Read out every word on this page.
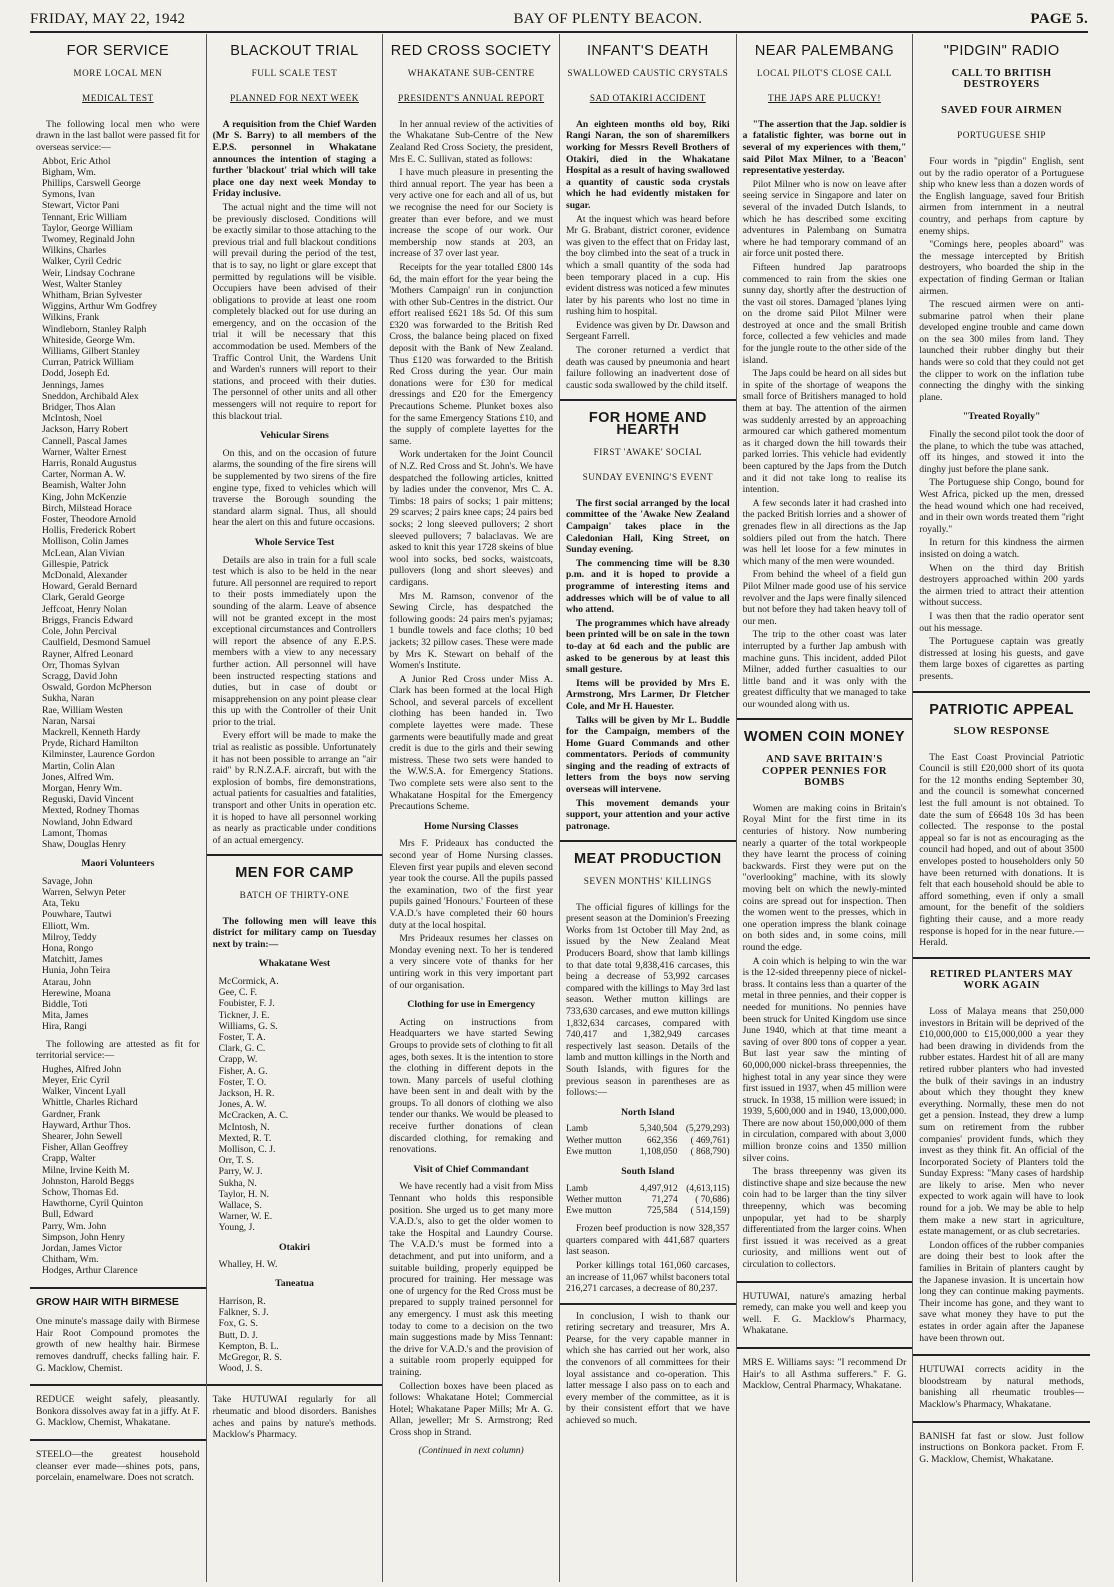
FRIDAY, MAY 22, 1942	BAY OF PLENTY BEACON.	PAGE 5.
FOR SERVICE
MORE LOCAL MEN
MEDICAL TEST

The following local men who were drawn in the last ballot were passed fit for overseas service:—

Abbot, Eric Athol
Bigham, Wm.
Phillips, Carswell George
Symons, Ivan
Stewart, Victor Pani
Tennant, Eric William
Taylor, George William
Twomey, Reginald John
Wilkins, Charles
Walker, Cyril Cedric
Weir, Lindsay Cochrane
West, Walter Stanley
Whitham, Brian Sylvester
Wiggins, Arthur Wm Godfrey
Wilkins, Frank
Windleborn, Stanley Ralph
Whiteside, George Wm.
Williams, Gilbert Stanley
Curran, Patrick William
Dodd, Joseph Ed.
Jennings, James
Sneddon, Archibald Alex
Bridger, Thos Alan
McIntosh, Noel
Jackson, Harry Robert
Cannell, Pascal James
Warner, Walter Ernest
Harris, Ronald Augustus
Carter, Norman A. W.
Beamish, Walter John
King, John McKenzie
Birch, Milstead Horace
Foster, Theodore Arnold
Hollis, Frederick Robert
Mollison, Colin James
McLean, Alan Vivian
Gillespie, Patrick
McDonald, Alexander
Howard, Gerald Bernard
Clark, Gerald George
Jeffcoat, Henry Nolan
Briggs, Francis Edward
Cole, John Percival
Caulfield, Desmond Samuel
Rayner, Alfred Leonard
Orr, Thomas Sylvan
Scragg, David John
Oswald, Gordon McPherson
Sukha, Naran
Rae, William Westen
Naran, Narsai
Mackrell, Kenneth Hardy
Pryde, Richard Hamilton
Kilminster, Laurence Gordon
Martin, Colin Alan
Jones, Alfred Wm.
Morgan, Henry Wm.
Reguski, David Vincent
Mexted, Rodney Thomas
Nowland, John Edward
Lamont, Thomas
Shaw, Douglas Henry
Maori Volunteers
Savage, John
Warren, Selwyn Peter
Ata, Teku
Pouwhare, Tautwi
Elliott, Wm.
Milroy, Teddy
Hona, Rongo
Matchitt, James
Hunia, John Teira
Atarau, John
Herewine, Moana
Biddle, Toti
Mita, James
Hira, Rangi

The following are attested as fit for territorial service:—

Hughes, Alfred John
Meyer, Eric Cyril
Walker, Vincent Lyall
Whittle, Charles Richard
Gardner, Frank
Hayward, Arthur Thos.
Shearer, John Sewell
Fisher, Allan Geoffrey
Crapp, Walter
Milne, Irvine Keith M.
Johnston, Harold Beggs
Schow, Thomas Ed.
Hawthorne, Cyril Quinton
Bull, Edward
Parry, Wm. John
Simpson, John Henry
Jordan, James Victor
Chitham, Wm.
Hodges, Arthur Clarence
GROW HAIR WITH BIRMESE

One minute's massage daily with Birmese Hair Root Compound promotes the growth of new healthy hair. Birmese removes dandruff, checks falling hair. F. G. Macklow, Chemist.

REDUCE weight safely, pleasantly. Bonkora dissolves away fat in a jiffy. At F. G. Macklow, Chemist, Whakatane.

STEELO—the greatest household cleanser ever made—shines pots, pans, porcelain, enamelware. Does not scratch.

BLACKOUT TRIAL
FULL SCALE TEST
PLANNED FOR NEXT WEEK

A requisition from the Chief Warden (Mr S. Barry) to all members of the E.P.S. personnel in Whakatane announces the intention of staging a further 'blackout' trial which will take place one day next week Monday to Friday inclusive.

The actual night and the time will not be previously disclosed. Conditions will be exactly similar to those attaching to the previous trial and full blackout conditions will prevail during the period of the test, that is to say, no light or glare except that permitted by regulations will be visible. Occupiers have been advised of their obligations to provide at least one room completely blacked out for use during an emergency, and on the occasion of the trial it will be necessary that this accommodation be used. Members of the Traffic Control Unit, the Wardens Unit and Warden's runners will report to their stations, and proceed with their duties. The personnel of other units and all other messengers will not require to report for this blackout trial.

Vehicular Sirens

On this, and on the occasion of future alarms, the sounding of the fire sirens will be supplemented by two sirens of the fire engine type, fixed to vehicles which will traverse the Borough sounding the standard alarm signal. Thus, all should hear the alert on this and future occasions.

Whole Service Test

Details are also in train for a full scale test which is also to be held in the near future. All personnel are required to report to their posts immediately upon the sounding of the alarm. Leave of absence will not be granted except in the most exceptional circumstances and Controllers will report the absence of any E.P.S. members with a view to any necessary further action. All personnel will have been instructed respecting stations and duties, but in case of doubt or misapprehension on any point please clear this up with the Controller of their Unit prior to the trial.

Every effort will be made to make the trial as realistic as possible. Unfortunately it has not been possible to arrange an "air raid" by R.N.Z.A.F. aircraft, but with the explosion of bombs, fire demonstrations, actual patients for casualties and fatalities, transport and other Units in operation etc. it is hoped to have all personnel working as nearly as practicable under conditions of an actual emergency.

MEN FOR CAMP
BATCH OF THIRTY-ONE

The following men will leave this district for military camp on Tuesday next by train:—

Whakatane West
McCormick, A.
Gee, C. F.
Foubister, F. J.
Tickner, J. E.
Williams, G. S.
Foster, T. A.
Clark, G. C.
Crapp, W.
Fisher, A. G.
Foster, T. O.
Jackson, H. R.
Jones, A. W.
McCracken, A. C.
McIntosh, N.
Mexted, R. T.
Mollison, C. J.
Orr, T. S.
Parry, W. J.
Sukha, N.
Taylor, H. N.
Wallace, S.
Warner, W. E.
Young, J.
Otakiri
Whalley, H. W.
Taneatua
Harrison, R.
Falkner, S. J.
Fox, G. S.
Butt, D. J.
Kempton, B. L.
McGregor, R. S.
Wood, J. S.

Take HUTUWAI regularly for all rheumatic and blood disorders. Banishes aches and pains by nature's methods. Macklow's Pharmacy.

RED CROSS SOCIETY
WHAKATANE SUB-CENTRE
PRESIDENT'S ANNUAL REPORT

In her annual review of the activities of the Whakatane Sub-Centre of the New Zealand Red Cross Society, the president, Mrs E. C. Sullivan, stated as follows:

I have much pleasure in presenting the third annual report. The year has been a very active one for each and all of us, but we recognise the need for our Society is greater than ever before, and we must increase the scope of our work. Our membership now stands at 203, an increase of 37 over last year.

Receipts for the year totalled £800 14s 6d, the main effort for the year being the 'Mothers Campaign' run in conjunction with other Sub-Centres in the district. Our effort realised £621 18s 5d. Of this sum £320 was forwarded to the British Red Cross, the balance being placed on fixed deposit with the Bank of New Zealand. Thus £120 was forwarded to the British Red Cross during the year. Our main donations were for £30 for medical dressings and £20 for the Emergency Precautions Scheme. Plunket boxes also for the same Emergency Stations £10, and the supply of complete layettes for the same.

Work undertaken for the Joint Council of N.Z. Red Cross and St. John's. We have despatched the following articles, knitted by ladies under the convenor, Mrs C. A. Timbs: 18 pairs of socks; 1 pair mittens; 29 scarves; 2 pairs knee caps; 24 pairs bed socks; 2 long sleeved pullovers; 2 short sleeved pullovers; 7 balaclavas. We are asked to knit this year 1728 skeins of blue wool into socks, bed socks, waistcoats, pullovers (long and short sleeves) and cardigans.

Mrs M. Ramson, convenor of the Sewing Circle, has despatched the following goods: 24 pairs men's pyjamas; 1 bundle towels and face cloths; 10 bed jackets; 32 pillow cases. These were made by Mrs K. Stewart on behalf of the Women's Institute.

A Junior Red Cross under Miss A. Clark has been formed at the local High School, and several parcels of excellent clothing has been handed in. Two complete layettes were made. These garments were beautifully made and great credit is due to the girls and their sewing mistress. These two sets were handed to the W.W.S.A. for Emergency Stations. Two complete sets were also sent to the Whakatane Hospital for the Emergency Precautions Scheme.

Home Nursing Classes

Mrs F. Prideaux has conducted the second year of Home Nursing classes. Eleven first year pupils and eleven second year took the course. All the pupils passed the examination, two of the first year pupils gained 'Honours.' Fourteen of these V.A.D.'s have completed their 60 hours duty at the local hospital.

Mrs Prideaux resumes her classes on Monday evening next. To her is tendered a very sincere vote of thanks for her untiring work in this very important part of our organisation.

Clothing for use in Emergency

Acting on instructions from Headquarters we have started Sewing Groups to provide sets of clothing to fit all ages, both sexes. It is the intention to store the clothing in different depots in the town. Many parcels of useful clothing have been sent in and dealt with by the groups. To all donors of clothing we also tender our thanks. We would be pleased to receive further donations of clean discarded clothing, for remaking and renovations.

Visit of Chief Commandant

We have recently had a visit from Miss Tennant who holds this responsible position. She urged us to get many more V.A.D.'s, also to get the older women to take the Hospital and Laundry Course. The V.A.D.'s must be formed into a detachment, and put into uniform, and a suitable building, properly equipped be procured for training. Her message was one of urgency for the Red Cross must be prepared to supply trained personnel for any emergency. I must ask this meeting today to come to a decision on the two main suggestions made by Miss Tennant: the drive for V.A.D.'s and the provision of a suitable room properly equipped for training.

Collection boxes have been placed as follows: Whakatane Hotel; Commercial Hotel; Whakatane Paper Mills; Mr A. G. Allan, jeweller; Mr S. Armstrong; Red Cross shop in Strand.

(Continued in next column)
INFANT'S DEATH
SWALLOWED CAUSTIC CRYSTALS
SAD OTAKIRI ACCIDENT

An eighteen months old boy, Riki Rangi Naran, the son of sharemilkers working for Messrs Revell Brothers of Otakiri, died in the Whakatane Hospital as a result of having swallowed a quantity of caustic soda crystals which he had evidently mistaken for sugar.

At the inquest which was heard before Mr G. Brabant, district coroner, evidence was given to the effect that on Friday last, the boy climbed into the seat of a truck in which a small quantity of the soda had been temporary placed in a cup. His evident distress was noticed a few minutes later by his parents who lost no time in rushing him to hospital.

Evidence was given by Dr. Dawson and Sergeant Farrell.

The coroner returned a verdict that death was caused by pneumonia and heart failure following an inadvertent dose of caustic soda swallowed by the child itself.

FOR HOME AND HEARTH
FIRST 'AWAKE' SOCIAL
SUNDAY EVENING'S EVENT

The first social arranged by the local committee of the 'Awake New Zealand Campaign' takes place in the Caledonian Hall, King Street, on Sunday evening.

The commencing time will be 8.30 p.m. and it is hoped to provide a programme of interesting items and addresses which will be of value to all who attend.

The programmes which have already been printed will be on sale in the town to-day at 6d each and the public are asked to be generous by at least this small gesture.

Items will be provided by Mrs E. Armstrong, Mrs Larmer, Dr Fletcher Cole, and Mr H. Hauester.

Talks will be given by Mr L. Buddle for the Campaign, members of the Home Guard Commands and other commentators. Periods of community singing and the reading of extracts of letters from the boys now serving overseas will intervene.

This movement demands your support, your attention and your active patronage.

MEAT PRODUCTION
SEVEN MONTHS' KILLINGS

The official figures of killings for the present season at the Dominion's Freezing Works from 1st October till May 2nd, as issued by the New Zealand Meat Producers Board, show that lamb killings to that date total 9,838,416 carcases, this being a decrease of 53,992 carcases compared with the killings to May 3rd last season. Wether mutton killings are 733,630 carcases, and ewe mutton killings 1,832,634 carcases, compared with 740,417 and 1,382,949 carcases respectively last season. Details of the lamb and mutton killings in the North and South Islands, with figures for the previous season in parentheses are as follows:—

North Island
Lamb	5,340,504	(5,279,293)
Wether mutton	662,356	( 469,761)
Ewe mutton	1,108,050	( 868,790)
South Island
Lamb	4,497,912	(4,613,115)
Wether mutton	71,274	( 70,686)
Ewe mutton	725,584	( 514,159)

Frozen beef production is now 328,357 quarters compared with 441,687 quarters last season.

Porker killings total 161,060 carcases, an increase of 11,067 whilst baconers total 216,271 carcases, a decrease of 80,237.

In conclusion, I wish to thank our retiring secretary and treasurer, Mrs A. Pearse, for the very capable manner in which she has carried out her work, also the convenors of all committees for their loyal assistance and co-operation. This latter message I also pass on to each and every member of the committee, as it is by their consistent effort that we have achieved so much.

NEAR PALEMBANG
LOCAL PILOT'S CLOSE CALL
THE JAPS ARE PLUCKY!

"The assertion that the Jap. soldier is a fatalistic fighter, was borne out in several of my experiences with them," said Pilot Max Milner, to a 'Beacon' representative yesterday.

Pilot Milner who is now on leave after seeing service in Singapore and later on several of the invaded Dutch Islands, to which he has described some exciting adventures in Palembang on Sumatra where he had temporary command of an air force unit posted there.

Fifteen hundred Jap paratroops commenced to rain from the skies one sunny day, shortly after the destruction of the vast oil stores. Damaged 'planes lying on the drome said Pilot Milner were destroyed at once and the small British force, collected a few vehicles and made for the jungle route to the other side of the island.

The Japs could be heard on all sides but in spite of the shortage of weapons the small force of Britishers managed to hold them at bay. The attention of the airmen was suddenly arrested by an approaching armoured car which gathered momentum as it charged down the hill towards their parked lorries. This vehicle had evidently been captured by the Japs from the Dutch and it did not take long to realise its intention.

A few seconds later it had crashed into the packed British lorries and a shower of grenades flew in all directions as the Jap soldiers piled out from the hatch. There was hell let loose for a few minutes in which many of the men were wounded.

From behind the wheel of a field gun Pilot Milner made good use of his service revolver and the Japs were finally silenced but not before they had taken heavy toll of our men.

The trip to the other coast was later interrupted by a further Jap ambush with machine guns. This incident, added Pilot Milner, added further casualties to our little band and it was only with the greatest difficulty that we managed to take our wounded along with us.

WOMEN COIN MONEY
AND SAVE BRITAIN'S COPPER PENNIES FOR BOMBS

Women are making coins in Britain's Royal Mint for the first time in its centuries of history. Now numbering nearly a quarter of the total workpeople they have learnt the process of coining backwards. First they were put on the "overlooking" machine, with its slowly moving belt on which the newly-minted coins are spread out for inspection. Then the women went to the presses, which in one operation impress the blank coinage on both sides and, in some coins, mill round the edge.

A coin which is helping to win the war is the 12-sided threepenny piece of nickel-brass. It contains less than a quarter of the metal in three pennies, and their copper is needed for munitions. No pennies have been struck for United Kingdom use since June 1940, which at that time meant a saving of over 800 tons of copper a year. But last year saw the minting of 60,000,000 nickel-brass threepennies, the highest total in any year since they were first issued in 1937, when 45 million were struck. In 1938, 15 million were issued; in 1939, 5,600,000 and in 1940, 13,000,000. There are now about 150,000,000 of them in circulation, compared with about 3,000 million bronze coins and 1350 million silver coins.

The brass threepenny was given its distinctive shape and size because the new coin had to be larger than the tiny silver threepenny, which was becoming unpopular, yet had to be sharply differentiated from the larger coins. When first issued it was received as a great curiosity, and millions went out of circulation to collectors.

HUTUWAI, nature's amazing herbal remedy, can make you well and keep you well. F. G. Macklow's Pharmacy, Whakatane.

MRS E. Williams says: "I recommend Dr Hair's to all Asthma sufferers." F. G. Macklow, Central Pharmacy, Whakatane.

"PIDGIN" RADIO
CALL TO BRITISH DESTROYERS
SAVED FOUR AIRMEN
PORTUGUESE SHIP

Four words in "pigdin" English, sent out by the radio operator of a Portuguese ship who knew less than a dozen words of the English language, saved four British airmen from internment in a neutral country, and perhaps from capture by enemy ships.

"Comings here, peoples aboard" was the message intercepted by British destroyers, who boarded the ship in the expectation of finding German or Italian airmen.

The rescued airmen were on anti-submarine patrol when their plane developed engine trouble and came down on the sea 300 miles from land. They launched their rubber dinghy but their hands were so cold that they could not get the clipper to work on the inflation tube connecting the dinghy with the sinking plane.

"Treated Royally"

Finally the second pilot took the door of the plane, to which the tube was attached, off its hinges, and stowed it into the dinghy just before the plane sank.

The Portuguese ship Congo, bound for West Africa, picked up the men, dressed the head wound which one had received, and in their own words treated them "right royally."

In return for this kindness the airmen insisted on doing a watch.

When on the third day British destroyers approached within 200 yards the airmen tried to attract their attention without success.

I was then that the radio operator sent out his message.

The Portuguese captain was greatly distressed at losing his guests, and gave them large boxes of cigarettes as parting presents.

PATRIOTIC APPEAL
SLOW RESPONSE

The East Coast Provincial Patriotic Council is still £20,000 short of its quota for the 12 months ending September 30, and the council is somewhat concerned lest the full amount is not obtained. To date the sum of £6648 10s 3d has been collected. The response to the postal appeal so far is not as encouraging as the council had hoped, and out of about 3500 envelopes posted to householders only 50 have been returned with donations. It is felt that each household should be able to afford something, even if only a small amount, for the benefit of the soldiers fighting their cause, and a more ready response is hoped for in the near future.—Herald.

RETIRED PLANTERS MAY WORK AGAIN

Loss of Malaya means that 250,000 investors in Britain will be deprived of the £10,000,000 to £15,000,000 a year they had been drawing in dividends from the rubber estates. Hardest hit of all are many retired rubber planters who had invested the bulk of their savings in an industry about which they thought they knew everything. Normally, these men do not get a pension. Instead, they drew a lump sum on retirement from the rubber companies' provident funds, which they invest as they think fit. An official of the Incorporated Society of Planters told the Sunday Express: "Many cases of hardship are likely to arise. Men who never expected to work again will have to look round for a job. We may be able to help them make a new start in agriculture, estate management, or as club secretaries.

London offices of the rubber companies are doing their best to look after the families in Britain of planters caught by the Japanese invasion. It is uncertain how long they can continue making payments. Their income has gone, and they want to save what money they have to put the estates in order again after the Japanese have been thrown out.

HUTUWAI corrects acidity in the bloodstream by natural methods, banishing all rheumatic troubles—Macklow's Pharmacy, Whakatane.

BANISH fat fast or slow. Just follow instructions on Bonkora packet. From F. G. Macklow, Chemist, Whakatane.
